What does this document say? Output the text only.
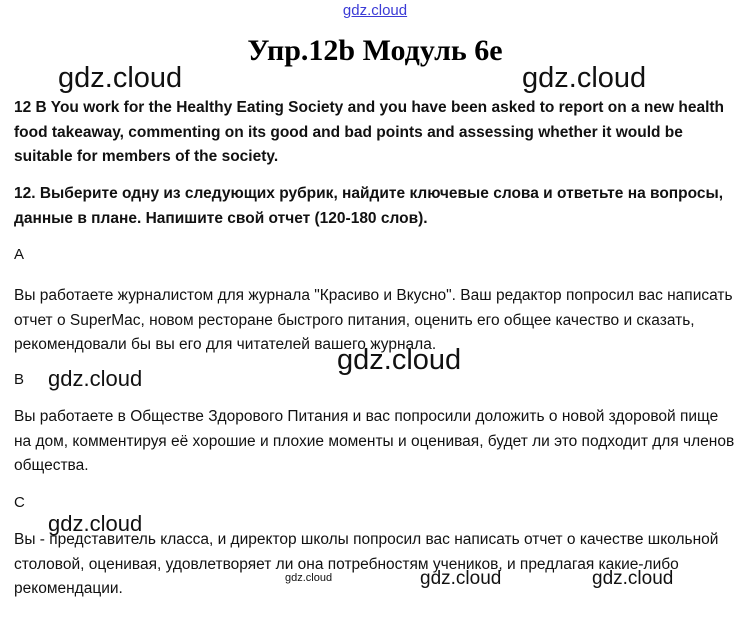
gdz.cloud
Упр.12b Модуль 6е
gdz.cloud	gdz.cloud

12 B You work for the Healthy Eating Society and you have been asked to report on a new health food takeaway, commenting on its good and bad points and assessing whether it would be suitable for members of the society.

12. Выберите одну из следующих рубрик, найдите ключевые слова и ответьте на вопросы, данные в плане. Напишите свой отчет (120-180 слов).

A

Вы работаете журналистом для журнала "Красиво и Вкусно". Ваш редактор попросил вас написать отчет о SuperMac, новом ресторане быстрого питания, оценить его общее качество и сказать, рекомендовали бы вы его для читателей вашего журнала.

gdz.cloud
B gdz.cloud

Вы работаете в Обществе Здорового Питания и вас попросили доложить о новой здоровой пище на дом, комментируя её хорошие и плохие моменты и оценивая, будет ли это подходит для членов общества.

C
gdz.cloud

Вы - представитель класса, и директор школы попросил вас написать отчет о качестве школьной столовой, оценивая, удовлетворяет ли она потребностям учеников, и предлагая какие-либо рекомендации.

gdz.cloud	gdz.cloud	gdz.cloud
